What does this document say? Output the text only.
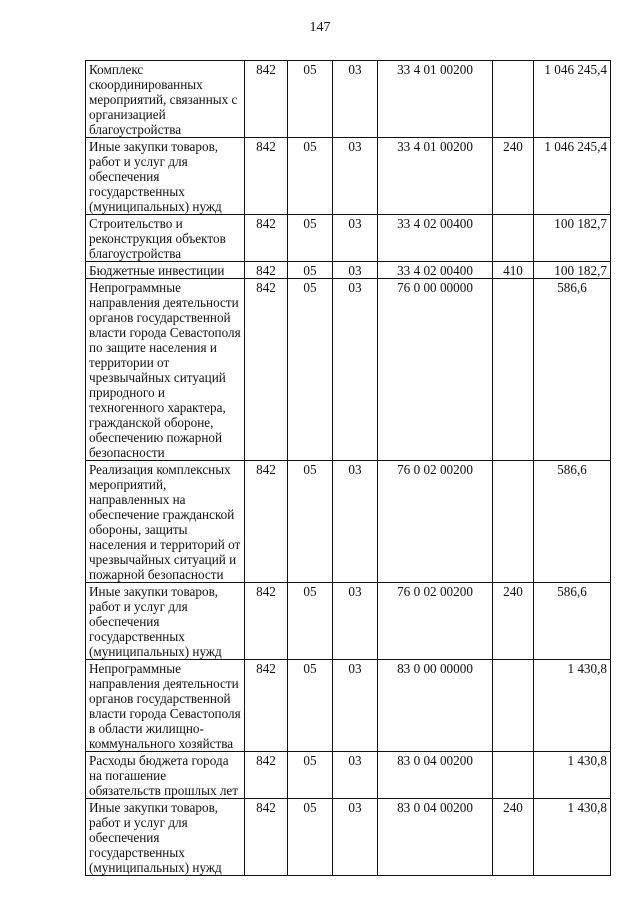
147
Комплекс скоординированных мероприятий, связанных с организацией благоустройства	842	05	03	33 4 01 00200		1 046 245,4
Иные закупки товаров, работ и услуг для обеспечения государственных (муниципальных) нужд	842	05	03	33 4 01 00200	240	1 046 245,4
Строительство и реконструкция объектов благоустройства	842	05	03	33 4 02 00400		100 182,7
Бюджетные инвестиции	842	05	03	33 4 02 00400	410	100 182,7
Непрограммные направления деятельности органов государственной власти города Севастополя по защите населения и территории от чрезвычайных ситуаций природного и техногенного характера, гражданской обороне, обеспечению пожарной безопасности	842	05	03	76 0 00 00000		586,6
Реализация комплексных мероприятий, направленных на обеспечение гражданской обороны, защиты населения и территорий от чрезвычайных ситуаций и пожарной безопасности	842	05	03	76 0 02 00200		586,6
Иные закупки товаров, работ и услуг для обеспечения государственных (муниципальных) нужд	842	05	03	76 0 02 00200	240	586,6
Непрограммные направления деятельности органов государственной власти города Севастополя в области жилищно-коммунального хозяйства	842	05	03	83 0 00 00000		1 430,8
Расходы бюджета города на погашение обязательств прошлых лет	842	05	03	83 0 04 00200		1 430,8
Иные закупки товаров, работ и услуг для обеспечения государственных (муниципальных) нужд	842	05	03	83 0 04 00200	240	1 430,8
